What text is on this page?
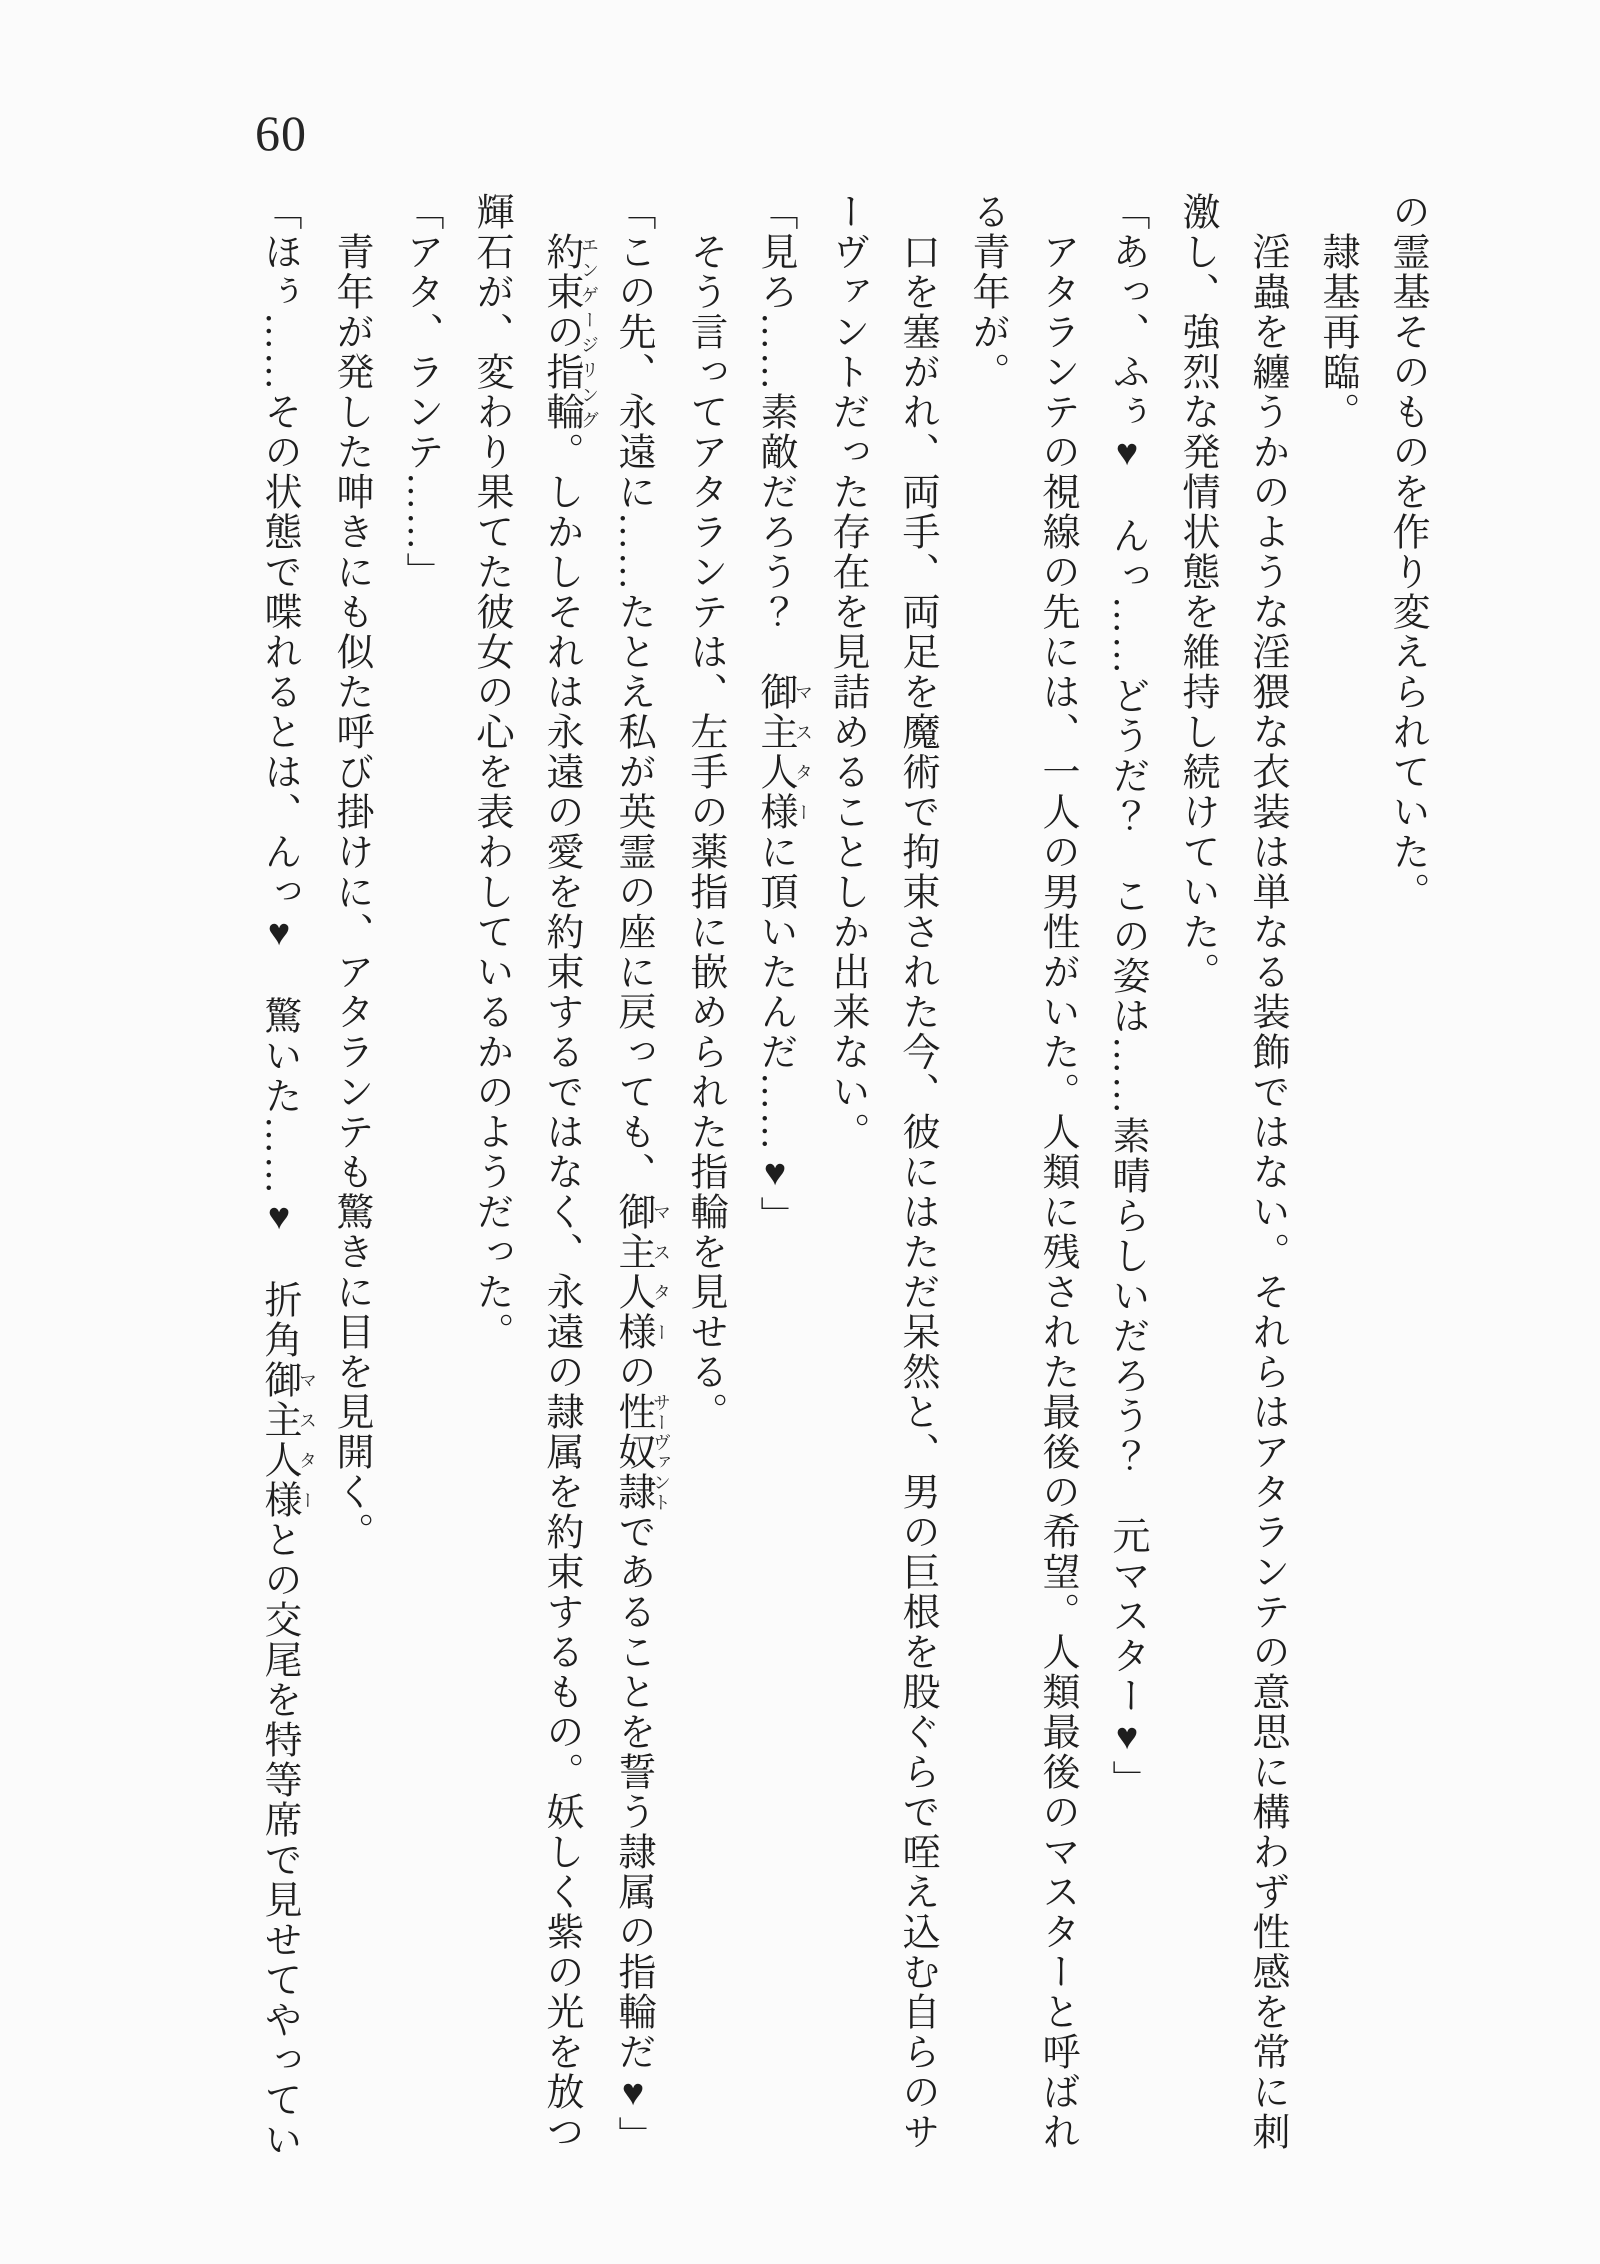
60

の霊基そのものを作り変えられていた。

隷基再臨。

淫蟲を纏うかのような淫猥な衣装は単なる装飾ではない。それらはアタランテの意思に構わず性感を常に刺

激し、強烈な発情状態を維持し続けていた。

「あっ、ふぅ♥　んっ……どうだ？　この姿は……素晴らしいだろう？　元マスター♥」

アタランテの視線の先には、一人の男性がいた。人類に残された最後の希望。人類最後のマスターと呼ばれ

る青年が。

口を塞がれ、両手、両足を魔術で拘束された今、彼にはただ呆然と、男の巨根を股ぐらで咥え込む自らのサ

ーヴァントだった存在を見詰めることしか出来ない。

「見ろ……素敵だろう？　御主人様マスターに頂いたんだ……♥」

そう言ってアタランテは、左手の薬指に嵌められた指輪を見せる。

「この先、永遠に……たとえ私が英霊の座に戻っても、御主人様マスターの性奴隷サーヴァントであることを誓う隷属の指輪だ♥」

約束の指輪エンゲージリング。しかしそれは永遠の愛を約束するではなく、永遠の隷属を約束するもの。妖しく紫の光を放つ

輝石が、変わり果てた彼女の心を表わしているかのようだった。

「アタ、ランテ……」

青年が発した呻きにも似た呼び掛けに、アタランテも驚きに目を見開く。

「ほぅ……その状態で喋れるとは、んっ♥　驚いた……♥　折角御主人様マスターとの交尾を特等席で見せてやってい
